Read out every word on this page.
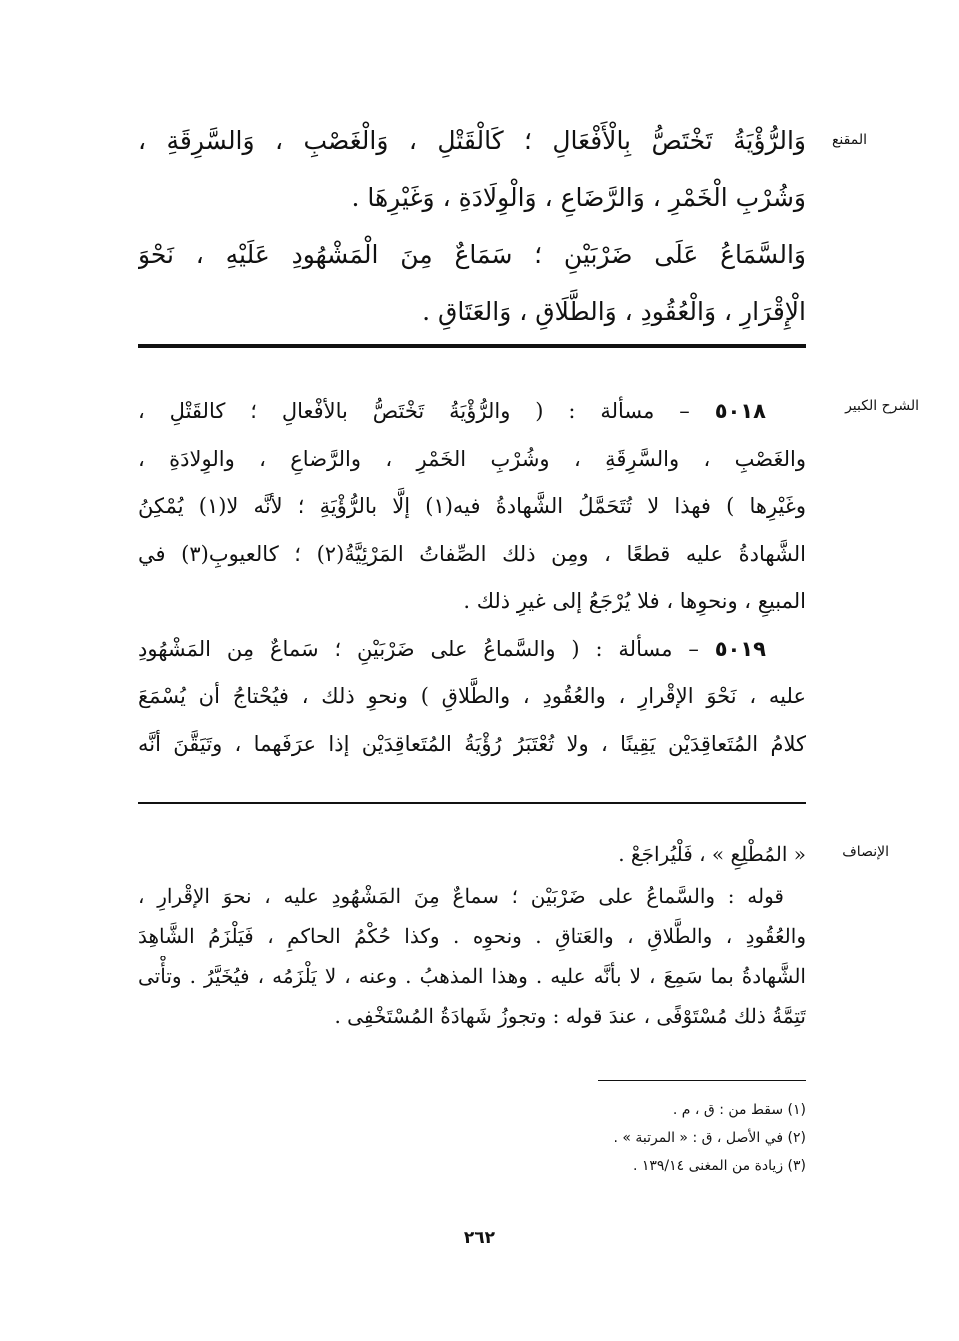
المقنع
وَالرُّؤْيَةُ تَخْتَصُّ بِالْأَفْعَالِ ؛ كَالْقَتْلِ ، وَالْغَصْبِ ، وَالسَّرِقَةِ ،
وَشُرْبِ الْخَمْرِ ، وَالرَّضَاعِ ، وَالْوِلَادَةِ ، وَغَيْرِهَا .
وَالسَّمَاعُ عَلَى ضَرْبَيْنِ ؛ سَمَاعٌ مِنَ الْمَشْهُودِ عَلَيْهِ ، نَحْوَ
الْإِقْرَارِ ، وَالْعُقُودِ ، وَالطَّلَاقِ ، وَالعَتَاقِ .
الشرح الكبير
٥٠١٨ – مسألة : ( والرُّؤْيَةُ تَخْتَصُّ بالأفْعالِ ؛ كالقَتْلِ ،
والغَصْبِ ، والسَّرِقَةِ ، وشُرْبِ الخَمْرِ ، والرَّضاعِ ، والوِلادَةِ ،
وغَيْرِها ) فهذا لا تُتَحَمَّلُ الشَّهادةُ فيه(١) إلَّا بالرُّؤْيَةِ ؛ لأنَّه لا(١) يُمْكِنُ
الشَّهادةُ عليه قطعًا ، ومِن ذلك الصِّفاتُ المَرْئِيَّةُ(٢) ؛ كالعيوبِ(٣) في
المبيعِ ، ونحوِها ، فلا يُرْجَعُ إلى غيرِ ذلك .
٥٠١٩ – مسألة : ( والسَّماعُ على ضَرْبَيْنِ ؛ سَماعٌ مِن المَشْهُودِ
عليه ، نَحْوَ الإقْرارِ ، والعُقُودِ ، والطَّلاقِ ) ونحوِ ذلك ، فيُحْتاجُ أن يُسْمَعَ
كلامُ المُتَعاقِدَيْن يَقِينًا ، ولا تُعْتَبَرُ رُؤْيَةُ المُتَعاقِدَيْن إذا عرَفَهما ، وتَيَقَّنَ أنَّه
الإنصاف
« المُطْلِعِ » ، فَلْيُراجَعْ .
قوله : والسَّماعُ على ضَرْبَيْن ؛ سماعٌ مِنَ المَشْهُودِ عليه ، نحوَ الإقْرارِ ،
والعُقُودِ ، والطَّلاقِ ، والعَتاقِ . ونحوِه . وكذا حُكْمُ الحاكمِ ، فَيَلْزَمُ الشَّاهِدَ
الشَّهادةُ بما سَمِعَ ، لا بأنَّه عليه . وهذا المذهبُ . وعنه ، لا يَلْزَمُه ، فيُخَيَّرُ . وتأْتى
تَتِمَّةُ ذلك مُسْتَوْفًى ، عندَ قوله : وتجوزُ شَهادَةُ المُسْتَخْفِى .
(١) سقط من : ق ، م .
(٢) في الأصل ، ق : « المرتبة » .
(٣) زيادة من المغنى ١٣٩/١٤ .
٢٦٢
